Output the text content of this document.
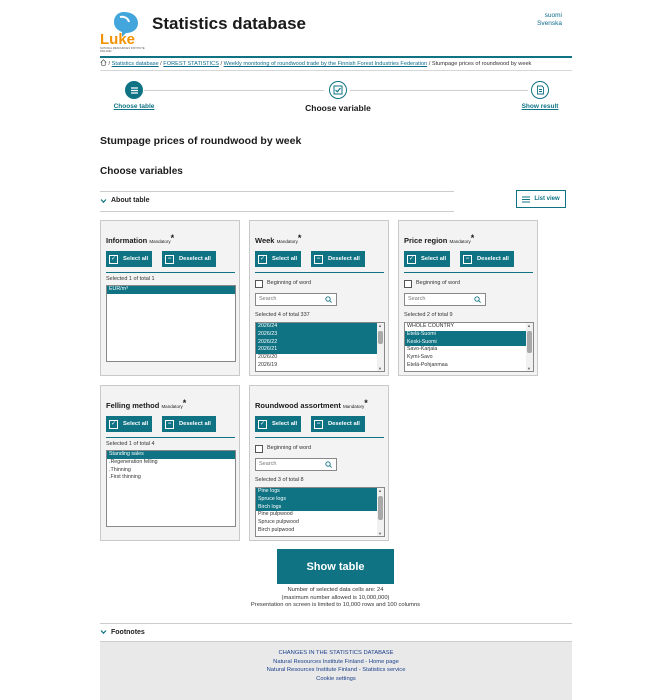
Luke
NATURAL RESOURCES INSTITUTE FINLAND
Statistics database	suomi
Svenska
/ Statistics database / FOREST STATISTICS / Weekly monitoring of roundwood trade by the Finnish Forest Industries Federation / Stumpage prices of roundwood by week
Choose table	Choose variable	Show result
Stumpage prices of roundwood by week
Choose variables
About table	List view
Information Mandatory*
✓	Select all	−	Deselect all
Selected 1 of total 1
EUR/m³
Week Mandatory*
✓	Select all	−	Deselect all
Beginning of word
Search
Selected 4 of total 337
2026/24
2026/23
2026/22
2026/21
2026/20
2026/19
▲
▼
Price region Mandatory*
✓	Select all	−	Deselect all
Beginning of word
Search
Selected 2 of total 9
WHOLE COUNTRY
Etelä-Suomi
Keski-Suomi
Savo-Karjala
Kymi-Savo
Etelä-Pohjanmaa
▲
▼
Felling method Mandatory*
✓	Select all	−	Deselect all
Selected 1 of total 4
Standing sales
.Regeneration felling
.Thinning
.First thinning
Roundwood assortment Mandatory*
✓	Select all	−	Deselect all
Beginning of word
Search
Selected 3 of total 8
Pine logs
Spruce logs
Birch logs
Pine pulpwood
Spruce pulpwood
Birch pulpwood
▲
▼
Show table
Number of selected data cells are: 24
(maximum number allowed is 10,000,000)
Presentation on screen is limited to 10,000 rows and 100 columns
Footnotes
CHANGES IN THE STATISTICS DATABASE
Natural Resources Institute Finland - Home page
Natural Resources Institute Finland - Statistics service
Cookie settings
